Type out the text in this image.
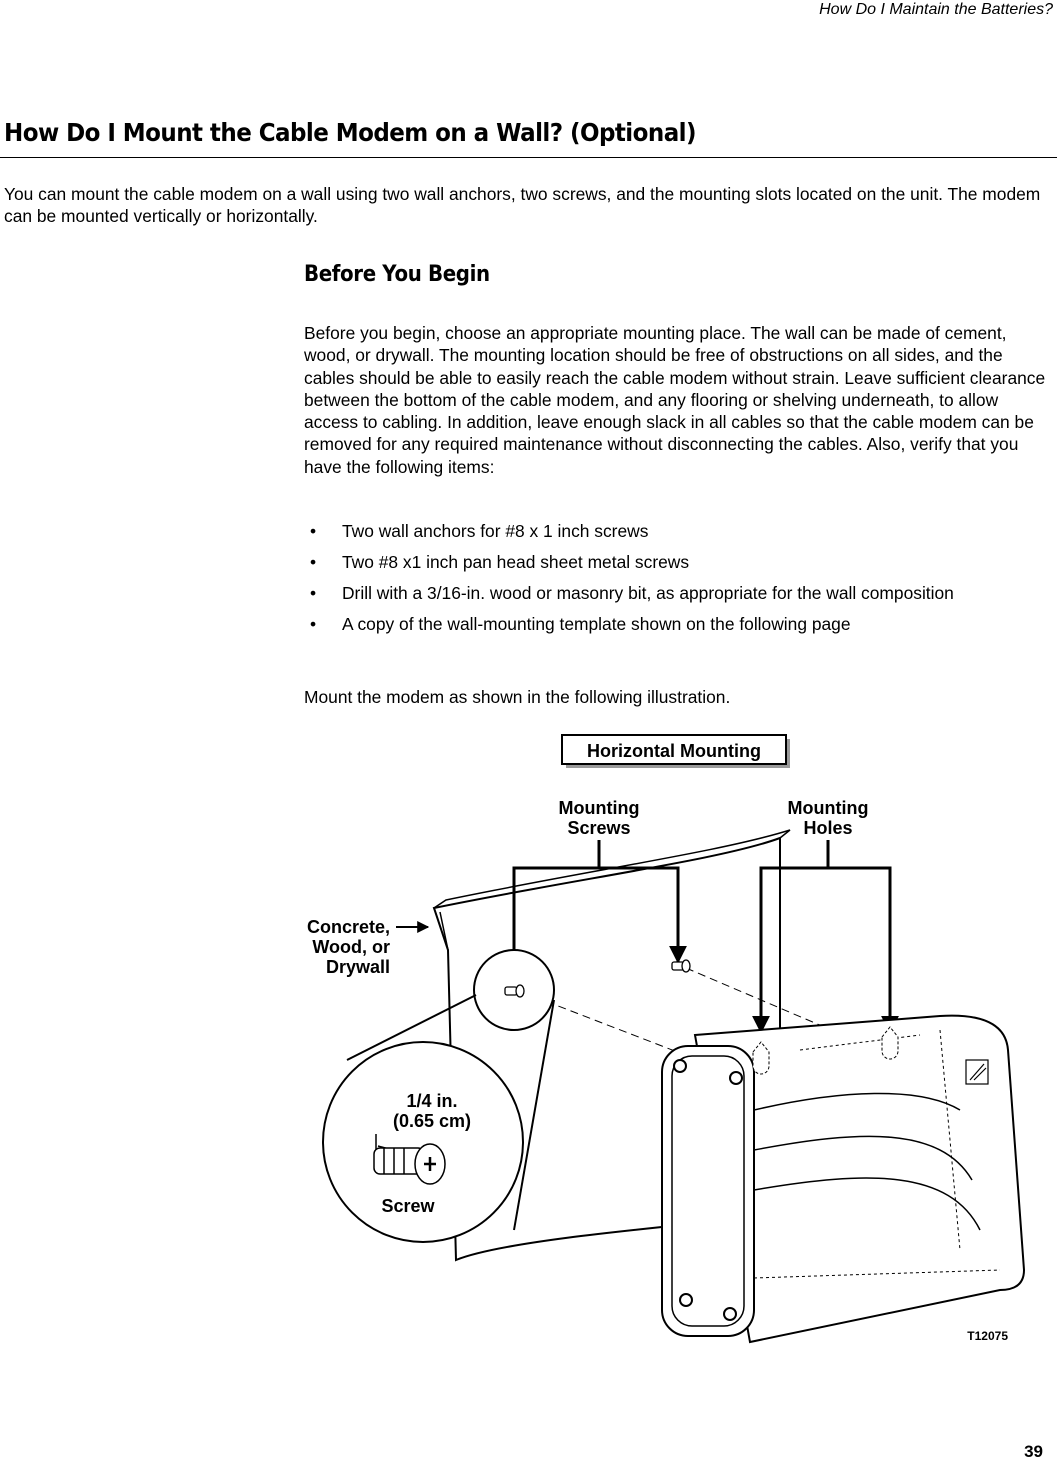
How Do I Maintain the Batteries?
How Do I Mount the Cable Modem on a Wall? (Optional)
You can mount the cable modem on a wall using two wall anchors, two screws, and the mounting slots located on the unit. The modem can be mounted vertically or horizontally.
Before You Begin
Before you begin, choose an appropriate mounting place. The wall can be made of cement, wood, or drywall. The mounting location should be free of obstructions on all sides, and the cables should be able to easily reach the cable modem without strain. Leave sufficient clearance between the bottom of the cable modem, and any flooring or shelving underneath, to allow access to cabling. In addition, leave enough slack in all cables so that the cable modem can be removed for any required maintenance without disconnecting the cables. Also, verify that you have the following items:
• Two wall anchors for #8 x 1 inch screws
• Two #8 x1 inch pan head sheet metal screws
• Drill with a 3/16-in. wood or masonry bit, as appropriate for the wall composition
• A copy of the wall-mounting template shown on the following page
Mount the modem as shown in the following illustration.
Horizontal Mounting
Mounting
Screws
Mounting
Holes
Concrete,
Wood, or
Drywall
1/4 in.
(0.65 cm)
Screw
T12075
39
